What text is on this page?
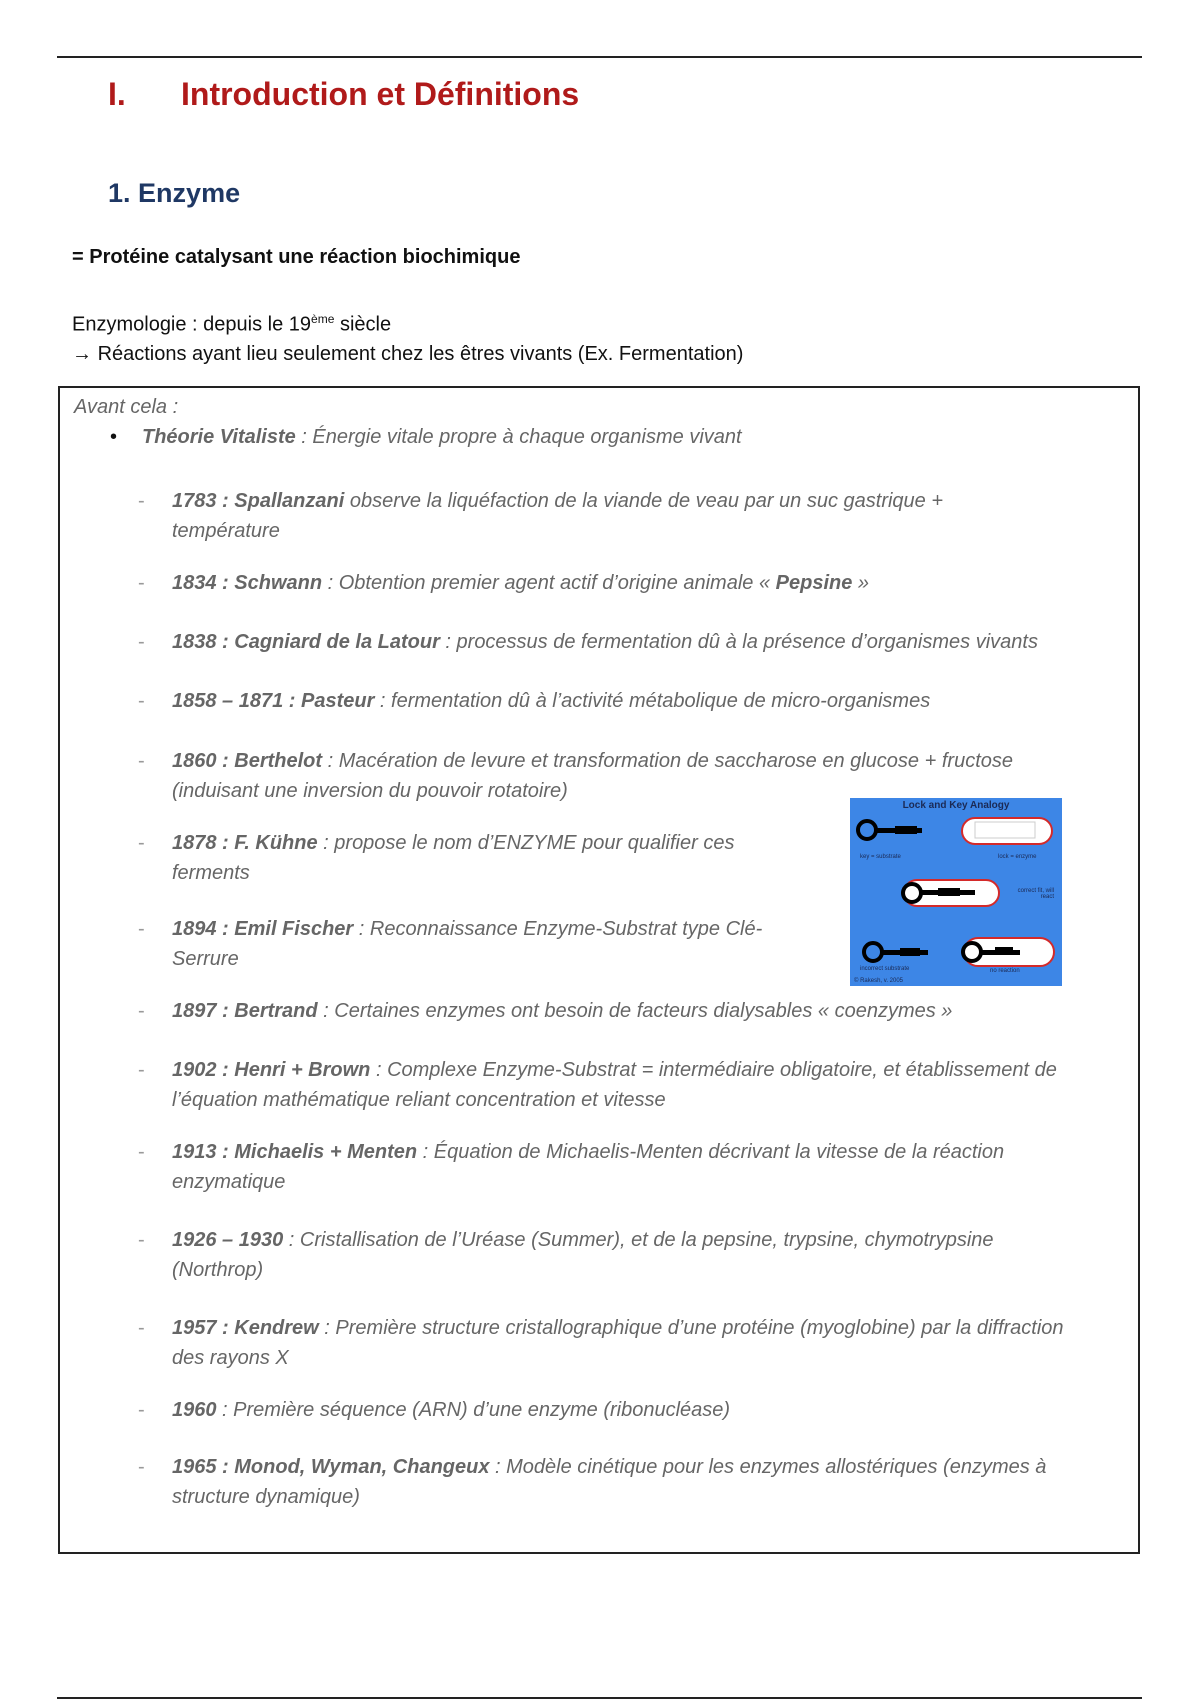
I.	Introduction et Définitions
1. Enzyme
= Protéine catalysant une réaction biochimique
Enzymologie : depuis le 19ème siècle
→ Réactions ayant lieu seulement chez les êtres vivants (Ex. Fermentation)
Avant cela :
• Théorie Vitaliste : Énergie vitale propre à chaque organisme vivant
- 1783 : Spallanzani observe la liquéfaction de la viande de veau par un suc gastrique + température
- 1834 : Schwann : Obtention premier agent actif d’origine animale « Pepsine »
- 1838 : Cagniard de la Latour : processus de fermentation dû à la présence d’organismes vivants
- 1858 – 1871 : Pasteur : fermentation dû à l’activité métabolique de micro-organismes
- 1860 : Berthelot : Macération de levure et transformation de saccharose en glucose + fructose (induisant une inversion du pouvoir rotatoire)
- 1878 : F. Kühne : propose le nom d’ENZYME pour qualifier ces ferments
- 1894 : Emil Fischer : Reconnaissance Enzyme-Substrat type Clé-Serrure
- 1897 : Bertrand : Certaines enzymes ont besoin de facteurs dialysables « coenzymes »
- 1902 : Henri + Brown : Complexe Enzyme-Substrat = intermédiaire obligatoire, et établissement de l’équation mathématique reliant concentration et vitesse
- 1913 : Michaelis + Menten : Équation de Michaelis-Menten décrivant la vitesse de la réaction enzymatique
- 1926 – 1930 : Cristallisation de l’Uréase (Summer), et de la pepsine, trypsine, chymotrypsine (Northrop)
- 1957 : Kendrew : Première structure cristallographique d’une protéine (myoglobine) par la diffraction des rayons X
- 1960 : Première séquence (ARN) d’une enzyme (ribonucléase)
- 1965 : Monod, Wyman, Changeux : Modèle cinétique pour les enzymes allostériques (enzymes à structure dynamique)
Lock and Key Analogy
key = substrate	lock = enzyme
correct fit, will react
incorrect substrate	no reaction
© Rakesh, v. 2005
